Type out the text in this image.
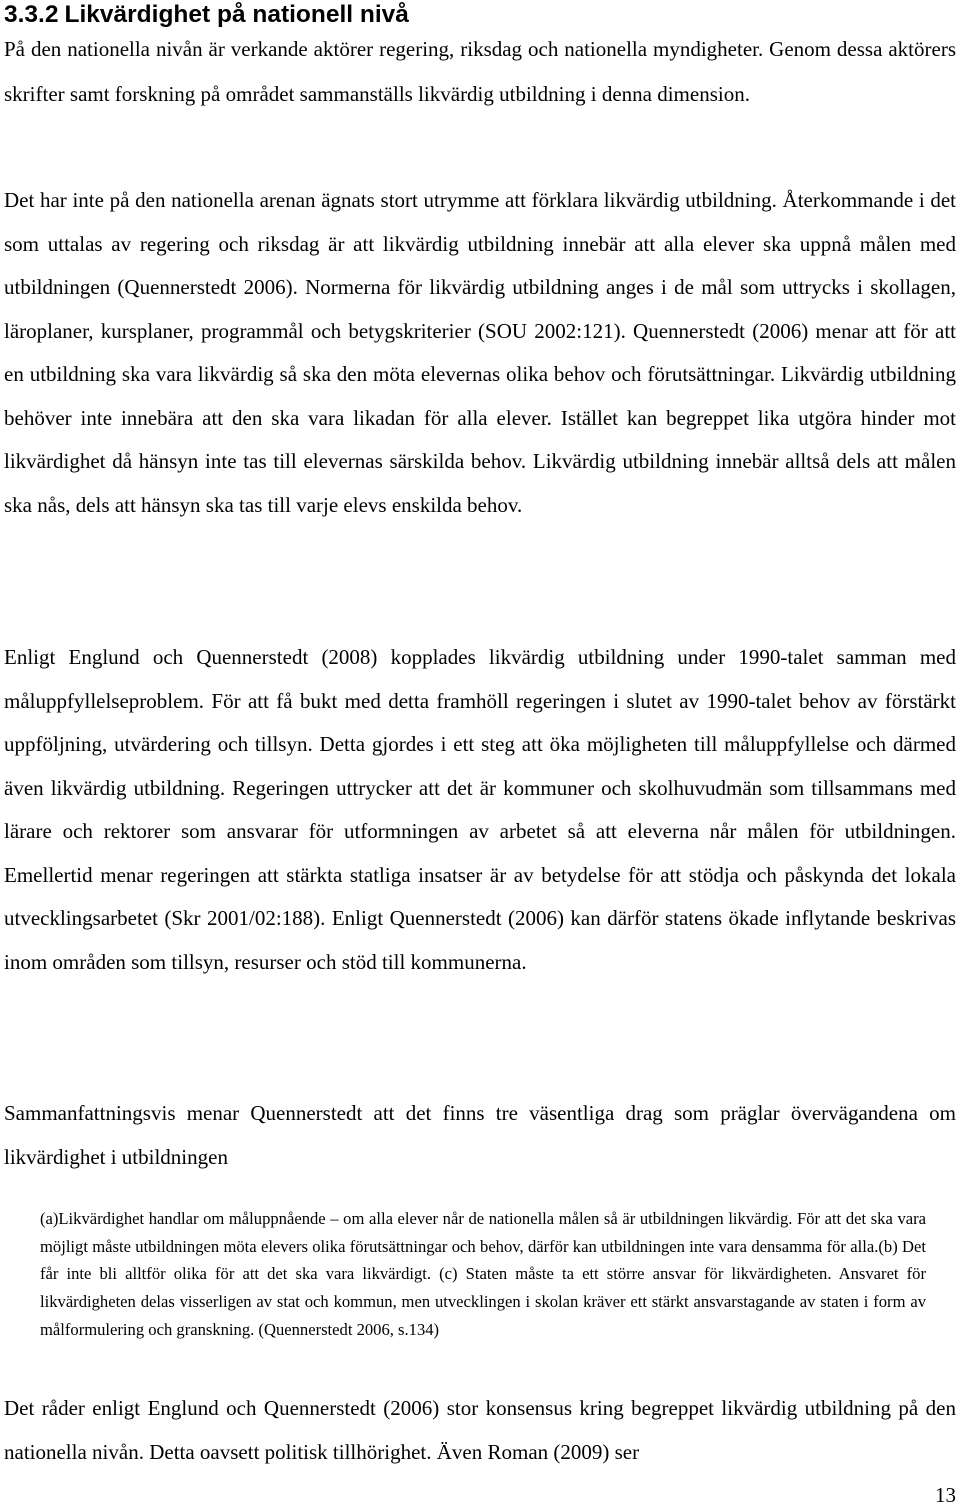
3.3.2 Likvärdighet på nationell nivå

På den nationella nivån är verkande aktörer regering, riksdag och nationella myndigheter. Genom dessa aktörers skrifter samt forskning på området sammanställs likvärdig utbildning i denna dimension.

Det har inte på den nationella arenan ägnats stort utrymme att förklara likvärdig utbildning. Återkommande i det som uttalas av regering och riksdag är att likvärdig utbildning innebär att alla elever ska uppnå målen med utbildningen (Quennerstedt 2006). Normerna för likvärdig utbildning anges i de mål som uttrycks i skollagen, läroplaner, kursplaner, programmål och betygskriterier (SOU 2002:121). Quennerstedt (2006) menar att för att en utbildning ska vara likvärdig så ska den möta elevernas olika behov och förutsättningar. Likvärdig utbildning behöver inte innebära att den ska vara likadan för alla elever. Istället kan begreppet lika utgöra hinder mot likvärdighet då hänsyn inte tas till elevernas särskilda behov. Likvärdig utbildning innebär alltså dels att målen ska nås, dels att hänsyn ska tas till varje elevs enskilda behov.

Enligt Englund och Quennerstedt (2008) kopplades likvärdig utbildning under 1990-talet samman med måluppfyllelseproblem. För att få bukt med detta framhöll regeringen i slutet av 1990-talet behov av förstärkt uppföljning, utvärdering och tillsyn. Detta gjordes i ett steg att öka möjligheten till måluppfyllelse och därmed även likvärdig utbildning. Regeringen uttrycker att det är kommuner och skolhuvudmän som tillsammans med lärare och rektorer som ansvarar för utformningen av arbetet så att eleverna når målen för utbildningen. Emellertid menar regeringen att stärkta statliga insatser är av betydelse för att stödja och påskynda det lokala utvecklingsarbetet (Skr 2001/02:188). Enligt Quennerstedt (2006) kan därför statens ökade inflytande beskrivas inom områden som tillsyn, resurser och stöd till kommunerna.

Sammanfattningsvis menar Quennerstedt att det finns tre väsentliga drag som präglar övervägandena om likvärdighet i utbildningen

(a)Likvärdighet handlar om måluppnående – om alla elever når de nationella målen så är utbildningen likvärdig. För att det ska vara möjligt måste utbildningen möta elevers olika förutsättningar och behov, därför kan utbildningen inte vara densamma för alla.(b) Det får inte bli alltför olika för att det ska vara likvärdigt. (c) Staten måste ta ett större ansvar för likvärdigheten. Ansvaret för likvärdigheten delas visserligen av stat och kommun, men utvecklingen i skolan kräver ett stärkt ansvarstagande av staten i form av målformulering och granskning. (Quennerstedt 2006, s.134)

Det råder enligt Englund och Quennerstedt (2006) stor konsensus kring begreppet likvärdig utbildning på den nationella nivån. Detta oavsett politisk tillhörighet. Även Roman (2009) ser

13
